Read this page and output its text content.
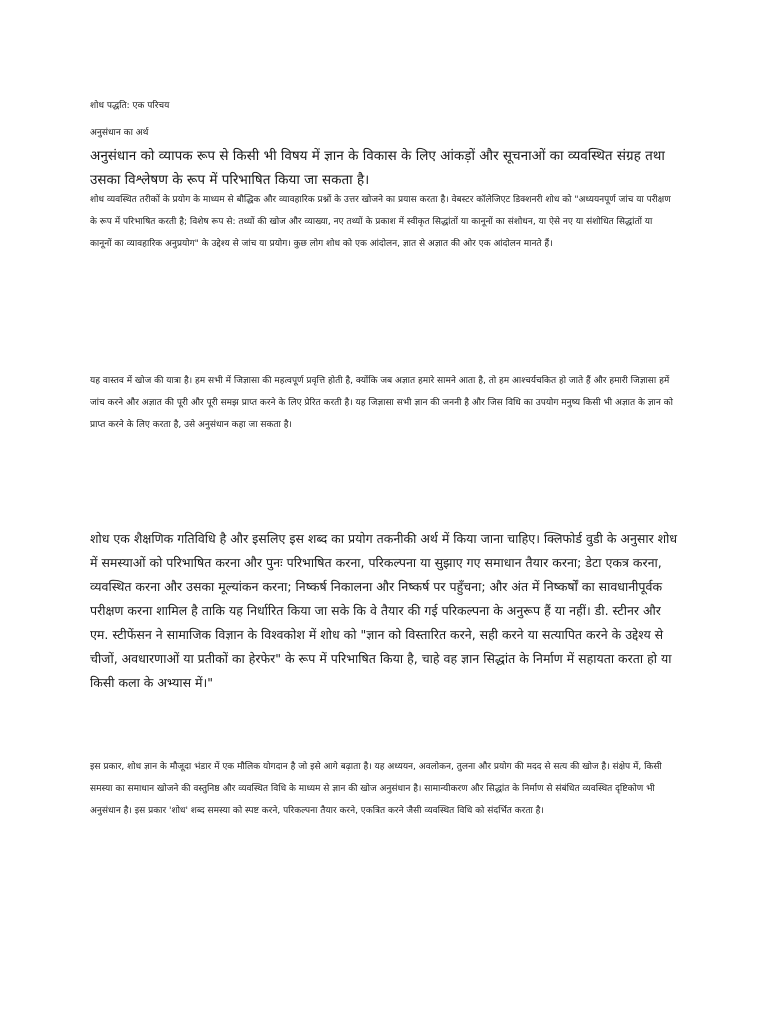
शोध पद्धति: एक परिचय
अनुसंधान का अर्थ

अनुसंधान को व्यापक रूप से किसी भी विषय में ज्ञान के विकास के लिए आंकड़ों और सूचनाओं का व्यवस्थित संग्रह तथा उसका विश्लेषण के रूप में परिभाषित किया जा सकता है।

शोध व्यवस्थित तरीकों के प्रयोग के माध्यम से बौद्धिक और व्यावहारिक प्रश्नों के उत्तर खोजने का प्रयास करता है। वेबस्टर कॉलेजिएट डिक्शनरी शोध को "अध्ययनपूर्ण जांच या परीक्षण के रूप में परिभाषित करती है; विशेष रूप से: तथ्यों की खोज और व्याख्या, नए तथ्यों के प्रकाश में स्वीकृत सिद्धांतों या कानूनों का संशोधन, या ऐसे नए या संशोधित सिद्धांतों या कानूनों का व्यावहारिक अनुप्रयोग" के उद्देश्य से जांच या प्रयोग। कुछ लोग शोध को एक आंदोलन, ज्ञात से अज्ञात की ओर एक आंदोलन मानते हैं।

यह वास्तव में खोज की यात्रा है। हम सभी में जिज्ञासा की महत्वपूर्ण प्रवृत्ति होती है, क्योंकि जब अज्ञात हमारे सामने आता है, तो हम आश्चर्यचकित हो जाते हैं और हमारी जिज्ञासा हमें जांच करने और अज्ञात की पूरी और पूरी समझ प्राप्त करने के लिए प्रेरित करती है। यह जिज्ञासा सभी ज्ञान की जननी है और जिस विधि का उपयोग मनुष्य किसी भी अज्ञात के ज्ञान को प्राप्त करने के लिए करता है, उसे अनुसंधान कहा जा सकता है।

शोध एक शैक्षणिक गतिविधि है और इसलिए इस शब्द का प्रयोग तकनीकी अर्थ में किया जाना चाहिए। क्लिफोर्ड वुडी के अनुसार शोध में समस्याओं को परिभाषित करना और पुनः परिभाषित करना, परिकल्पना या सुझाए गए समाधान तैयार करना; डेटा एकत्र करना, व्यवस्थित करना और उसका मूल्यांकन करना; निष्कर्ष निकालना और निष्कर्ष पर पहुँचना; और अंत में निष्कर्षों का सावधानीपूर्वक परीक्षण करना शामिल है ताकि यह निर्धारित किया जा सके कि वे तैयार की गई परिकल्पना के अनुरूप हैं या नहीं। डी. स्टीनर और एम. स्टीफेंसन ने सामाजिक विज्ञान के विश्वकोश में शोध को "ज्ञान को विस्तारित करने, सही करने या सत्यापित करने के उद्देश्य से चीजों, अवधारणाओं या प्रतीकों का हेरफेर" के रूप में परिभाषित किया है, चाहे वह ज्ञान सिद्धांत के निर्माण में सहायता करता हो या किसी कला के अभ्यास में।"

इस प्रकार, शोध ज्ञान के मौजूदा भंडार में एक मौलिक योगदान है जो इसे आगे बढ़ाता है। यह अध्ययन, अवलोकन, तुलना और प्रयोग की मदद से सत्य की खोज है। संक्षेप में, किसी समस्या का समाधान खोजने की वस्तुनिष्ठ और व्यवस्थित विधि के माध्यम से ज्ञान की खोज अनुसंधान है। सामान्यीकरण और सिद्धांत के निर्माण से संबंधित व्यवस्थित दृष्टिकोण भी अनुसंधान है। इस प्रकार 'शोध' शब्द समस्या को स्पष्ट करने, परिकल्पना तैयार करने, एकत्रित करने जैसी व्यवस्थित विधि को संदर्भित करता है।
